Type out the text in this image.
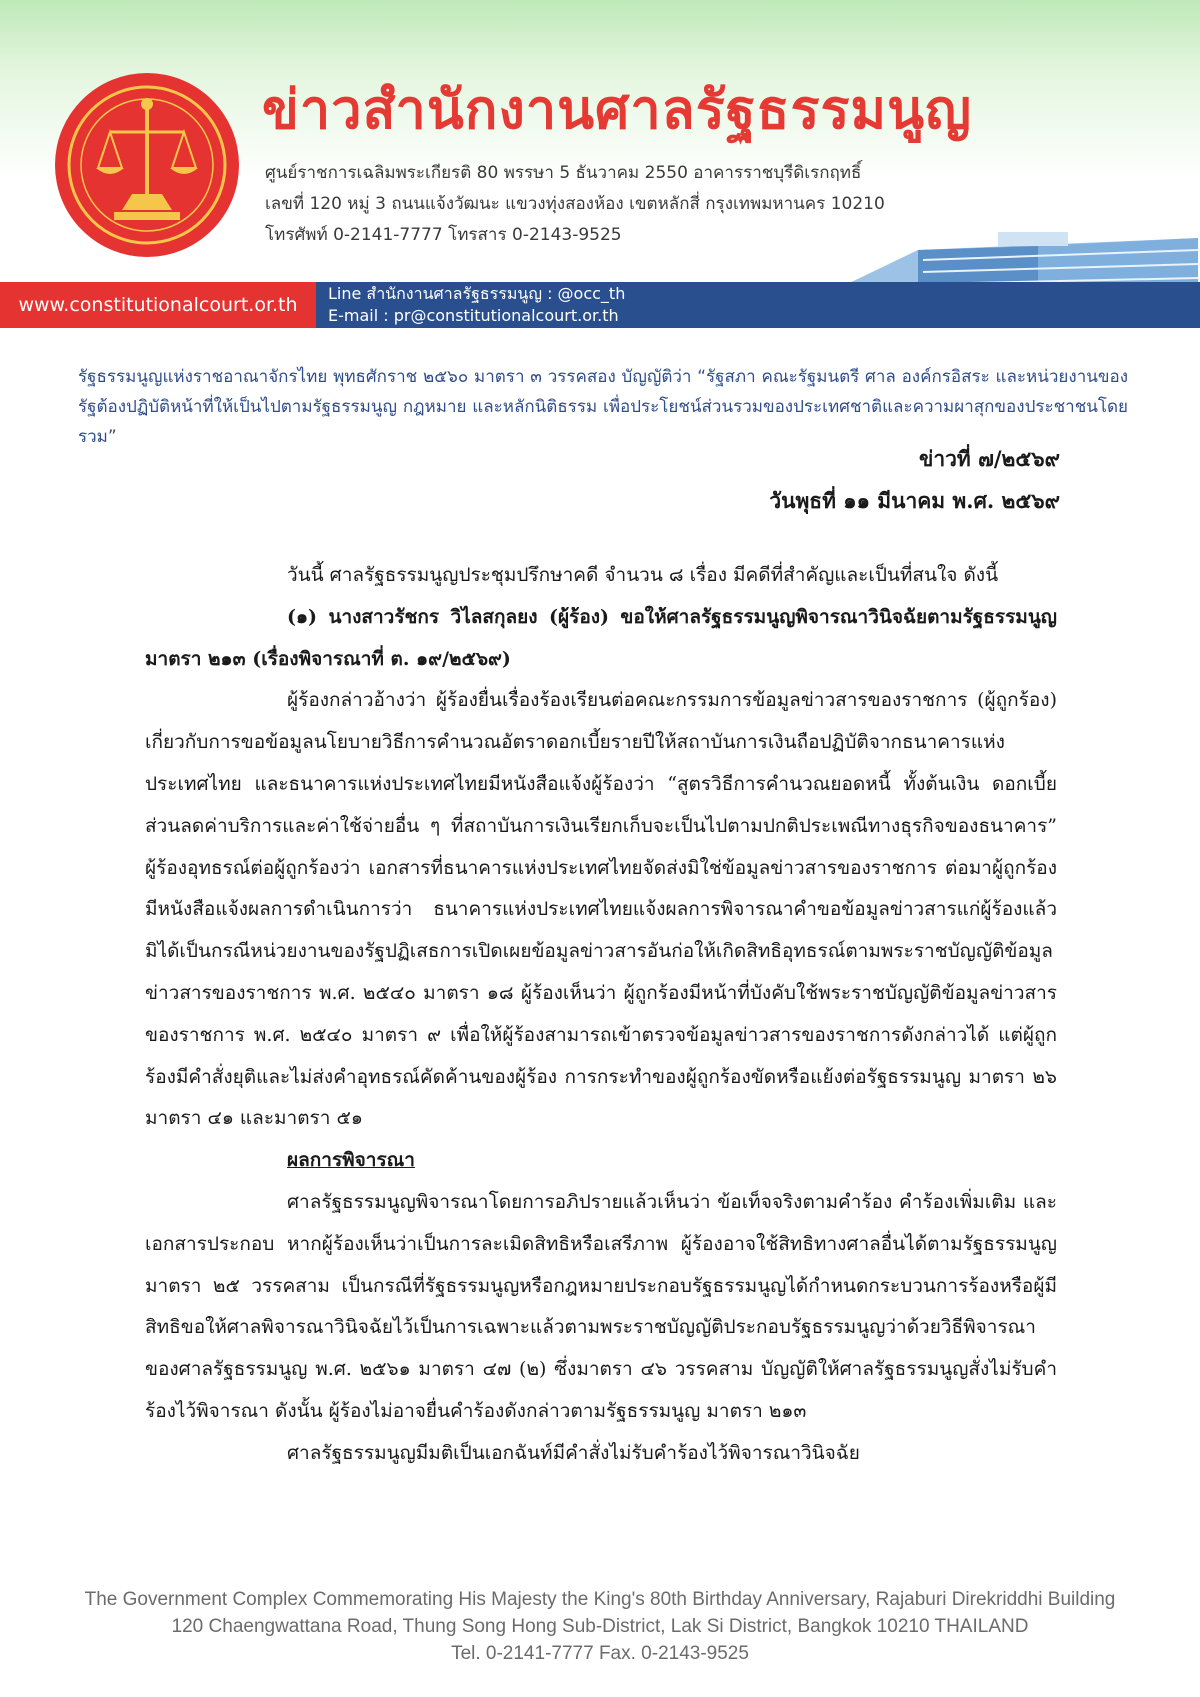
ข่าวสำนักงานศาลรัฐธรรมนูญ
ศูนย์ราชการเฉลิมพระเกียรติ 80 พรรษา 5 ธันวาคม 2550 อาคารราชบุรีดิเรกฤทธิ์
เลขที่ 120 หมู่ 3 ถนนแจ้งวัฒนะ แขวงทุ่งสองห้อง เขตหลักสี่ กรุงเทพมหานคร 10210
โทรศัพท์ 0-2141-7777 โทรสาร 0-2143-9525
www.constitutionalcourt.or.th
Line สำนักงานศาลรัฐธรรมนูญ : @occ_th
E-mail : pr@constitutionalcourt.or.th
รัฐธรรมนูญแห่งราชอาณาจักรไทย พุทธศักราช ๒๕๖๐ มาตรา ๓ วรรคสอง บัญญัติว่า “รัฐสภา คณะรัฐมนตรี ศาล องค์กรอิสระ และหน่วยงานของรัฐต้องปฏิบัติหน้าที่ให้เป็นไปตามรัฐธรรมนูญ กฎหมาย และหลักนิติธรรม เพื่อประโยชน์ส่วนรวมของประเทศชาติและความผาสุกของประชาชนโดยรวม”
ข่าวที่ ๗/๒๕๖๙
วันพุธที่ ๑๑ มีนาคม พ.ศ. ๒๕๖๙

วันนี้ ศาลรัฐธรรมนูญประชุมปรึกษาคดี จำนวน ๘ เรื่อง มีคดีที่สำคัญและเป็นที่สนใจ ดังนี้

(๑) นางสาวรัชกร วิไลสกุลยง (ผู้ร้อง) ขอให้ศาลรัฐธรรมนูญพิจารณาวินิจฉัยตามรัฐธรรมนูญ มาตรา ๒๑๓ (เรื่องพิจารณาที่ ต. ๑๙/๒๕๖๙)

ผู้ร้องกล่าวอ้างว่า ผู้ร้องยื่นเรื่องร้องเรียนต่อคณะกรรมการข้อมูลข่าวสารของราชการ (ผู้ถูกร้อง) เกี่ยวกับการขอข้อมูลนโยบายวิธีการคำนวณอัตราดอกเบี้ยรายปีให้สถาบันการเงินถือปฏิบัติจากธนาคารแห่งประเทศไทย และธนาคารแห่งประเทศไทยมีหนังสือแจ้งผู้ร้องว่า “สูตรวิธีการคำนวณยอดหนี้ ทั้งต้นเงิน ดอกเบี้ย ส่วนลดค่าบริการและค่าใช้จ่ายอื่น ๆ ที่สถาบันการเงินเรียกเก็บจะเป็นไปตามปกติประเพณีทางธุรกิจของธนาคาร” ผู้ร้องอุทธรณ์ต่อผู้ถูกร้องว่า เอกสารที่ธนาคารแห่งประเทศไทยจัดส่งมิใช่ข้อมูลข่าวสารของราชการ ต่อมาผู้ถูกร้องมีหนังสือแจ้งผลการดำเนินการว่า ธนาคารแห่งประเทศไทยแจ้งผลการพิจารณาคำขอข้อมูลข่าวสารแก่ผู้ร้องแล้ว มิได้เป็นกรณีหน่วยงานของรัฐปฏิเสธการเปิดเผยข้อมูลข่าวสารอันก่อให้เกิดสิทธิอุทธรณ์ตามพระราชบัญญัติข้อมูลข่าวสารของราชการ พ.ศ. ๒๕๔๐ มาตรา ๑๘ ผู้ร้องเห็นว่า ผู้ถูกร้องมีหน้าที่บังคับใช้พระราชบัญญัติข้อมูลข่าวสารของราชการ พ.ศ. ๒๕๔๐ มาตรา ๙ เพื่อให้ผู้ร้องสามารถเข้าตรวจข้อมูลข่าวสารของราชการดังกล่าวได้ แต่ผู้ถูกร้องมีคำสั่งยุติและไม่ส่งคำอุทธรณ์คัดค้านของผู้ร้อง การกระทำของผู้ถูกร้องขัดหรือแย้งต่อรัฐธรรมนูญ มาตรา ๒๖ มาตรา ๔๑ และมาตรา ๕๑

ผลการพิจารณา

ศาลรัฐธรรมนูญพิจารณาโดยการอภิปรายแล้วเห็นว่า ข้อเท็จจริงตามคำร้อง คำร้องเพิ่มเติม และเอกสารประกอบ หากผู้ร้องเห็นว่าเป็นการละเมิดสิทธิหรือเสรีภาพ ผู้ร้องอาจใช้สิทธิทางศาลอื่นได้ตามรัฐธรรมนูญ มาตรา ๒๕ วรรคสาม เป็นกรณีที่รัฐธรรมนูญหรือกฎหมายประกอบรัฐธรรมนูญได้กำหนดกระบวนการร้องหรือผู้มีสิทธิขอให้ศาลพิจารณาวินิจฉัยไว้เป็นการเฉพาะแล้วตามพระราชบัญญัติประกอบรัฐธรรมนูญว่าด้วยวิธีพิจารณาของศาลรัฐธรรมนูญ พ.ศ. ๒๕๖๑ มาตรา ๔๗ (๒) ซึ่งมาตรา ๔๖ วรรคสาม บัญญัติให้ศาลรัฐธรรมนูญสั่งไม่รับคำร้องไว้พิจารณา ดังนั้น ผู้ร้องไม่อาจยื่นคำร้องดังกล่าวตามรัฐธรรมนูญ มาตรา ๒๑๓

ศาลรัฐธรรมนูญมีมติเป็นเอกฉันท์มีคำสั่งไม่รับคำร้องไว้พิจารณาวินิจฉัย

The Government Complex Commemorating His Majesty the King's 80th Birthday Anniversary, Rajaburi Direkriddhi Building
120 Chaengwattana Road, Thung Song Hong Sub-District, Lak Si District, Bangkok 10210 THAILAND
Tel. 0-2141-7777 Fax. 0-2143-9525
